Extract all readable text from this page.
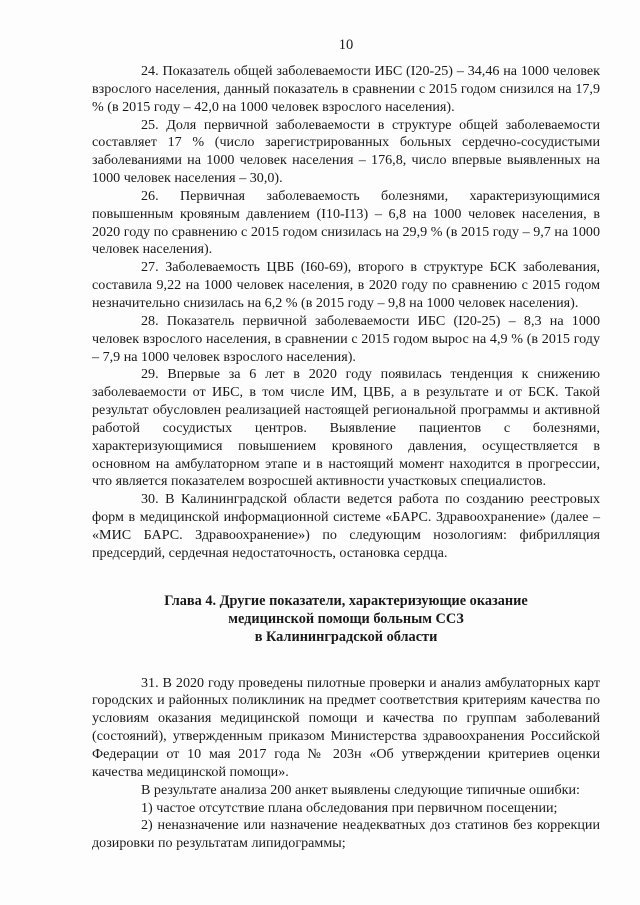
10

24. Показатель общей заболеваемости ИБС (I20-25) – 34,46 на 1000 человек взрослого населения, данный показатель в сравнении с 2015 годом снизился на 17,9 % (в 2015 году – 42,0 на 1000 человек взрослого населения).

25. Доля первичной заболеваемости в структуре общей заболеваемости составляет 17 % (число зарегистрированных больных сердечно-сосудистыми заболеваниями на 1000 человек населения – 176,8, число впервые выявленных на 1000 человек населения – 30,0).

26. Первичная заболеваемость болезнями, характеризующимися повышенным кровяным давлением (I10-I13) – 6,8 на 1000 человек населения, в 2020 году по сравнению с 2015 годом снизилась на 29,9 % (в 2015 году – 9,7 на 1000 человек населения).

27. Заболеваемость ЦВБ (I60-69), второго в структуре БСК заболевания, составила 9,22 на 1000 человек населения, в 2020 году по сравнению с 2015 годом незначительно снизилась на 6,2 % (в 2015 году – 9,8 на 1000 человек населения).

28. Показатель первичной заболеваемости ИБС (I20-25) – 8,3 на 1000 человек взрослого населения, в сравнении с 2015 годом вырос на 4,9 % (в 2015 году – 7,9 на 1000 человек взрослого населения).

29. Впервые за 6 лет в 2020 году появилась тенденция к снижению заболеваемости от ИБС, в том числе ИМ, ЦВБ, а в результате и от БСК. Такой результат обусловлен реализацией настоящей региональной программы и активной работой сосудистых центров. Выявление пациентов с болезнями, характеризующимися повышением кровяного давления, осуществляется в основном на амбулаторном этапе и в настоящий момент находится в прогрессии, что является показателем возросшей активности участковых специалистов.

30. В Калининградской области ведется работа по созданию реестровых форм в медицинской информационной системе «БАРС. Здравоохранение» (далее – «МИС БАРС. Здравоохранение») по следующим нозологиям: фибрилляция предсердий, сердечная недостаточность, остановка сердца.

Глава 4. Другие показатели, характеризующие оказание
медицинской помощи больным ССЗ
в Калининградской области

31. В 2020 году проведены пилотные проверки и анализ амбулаторных карт городских и районных поликлиник на предмет соответствия критериям качества по условиям оказания медицинской помощи и качества по группам заболеваний (состояний), утвержденным приказом Министерства здравоохранения Российской Федерации от 10 мая 2017 года № 203н «Об утверждении критериев оценки качества медицинской помощи».

В результате анализа 200 анкет выявлены следующие типичные ошибки:

1) частое отсутствие плана обследования при первичном посещении;

2) неназначение или назначение неадекватных доз статинов без коррекции дозировки по результатам липидограммы;
